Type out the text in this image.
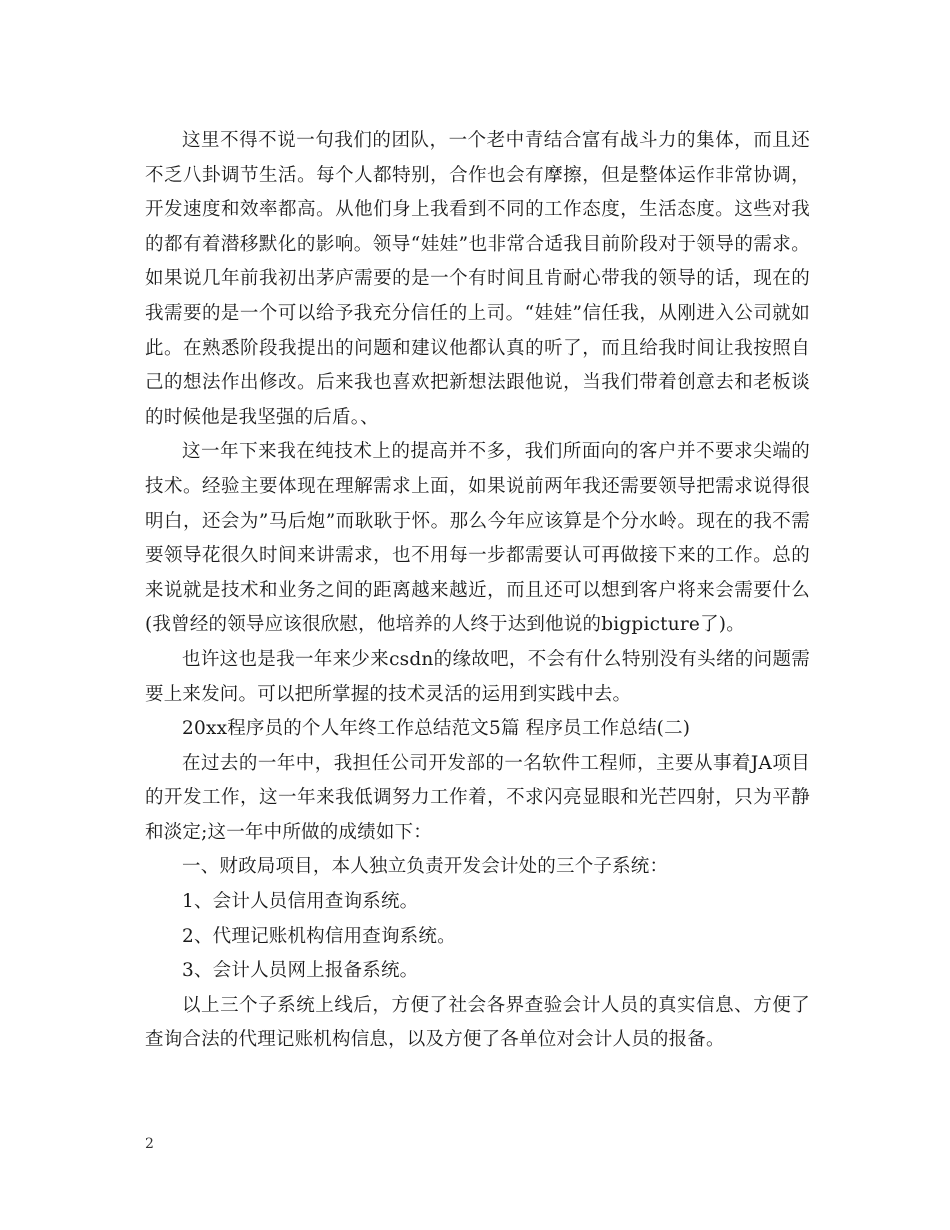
这里不得不说一句我们的团队，一个老中青结合富有战斗力的集体，而且还不乏八卦调节生活。每个人都特别，合作也会有摩擦，但是整体运作非常协调，开发速度和效率都高。从他们身上我看到不同的工作态度，生活态度。这些对我的都有着潜移默化的影响。领导“娃娃”也非常合适我目前阶段对于领导的需求。如果说几年前我初出茅庐需要的是一个有时间且肯耐心带我的领导的话，现在的我需要的是一个可以给予我充分信任的上司。“娃娃”信任我，从刚进入公司就如此。在熟悉阶段我提出的问题和建议他都认真的听了，而且给我时间让我按照自己的想法作出修改。后来我也喜欢把新想法跟他说，当我们带着创意去和老板谈的时候他是我坚强的后盾。、

这一年下来我在纯技术上的提高并不多，我们所面向的客户并不要求尖端的技术。经验主要体现在理解需求上面，如果说前两年我还需要领导把需求说得很明白，还会为”马后炮”而耿耿于怀。那么今年应该算是个分水岭。现在的我不需要领导花很久时间来讲需求，也不用每一步都需要认可再做接下来的工作。总的来说就是技术和业务之间的距离越来越近，而且还可以想到客户将来会需要什么(我曾经的领导应该很欣慰，他培养的人终于达到他说的bigpicture了)。

也许这也是我一年来少来csdn的缘故吧，不会有什么特别没有头绪的问题需要上来发问。可以把所掌握的技术灵活的运用到实践中去。

20xx程序员的个人年终工作总结范文5篇 程序员工作总结(二)

在过去的一年中，我担任公司开发部的一名软件工程师，主要从事着JA项目的开发工作，这一年来我低调努力工作着，不求闪亮显眼和光芒四射，只为平静和淡定;这一年中所做的成绩如下：

一、财政局项目，本人独立负责开发会计处的三个子系统：

1、会计人员信用查询系统。

2、代理记账机构信用查询系统。

3、会计人员网上报备系统。

以上三个子系统上线后，方便了社会各界查验会计人员的真实信息、方便了查询合法的代理记账机构信息，以及方便了各单位对会计人员的报备。

2
